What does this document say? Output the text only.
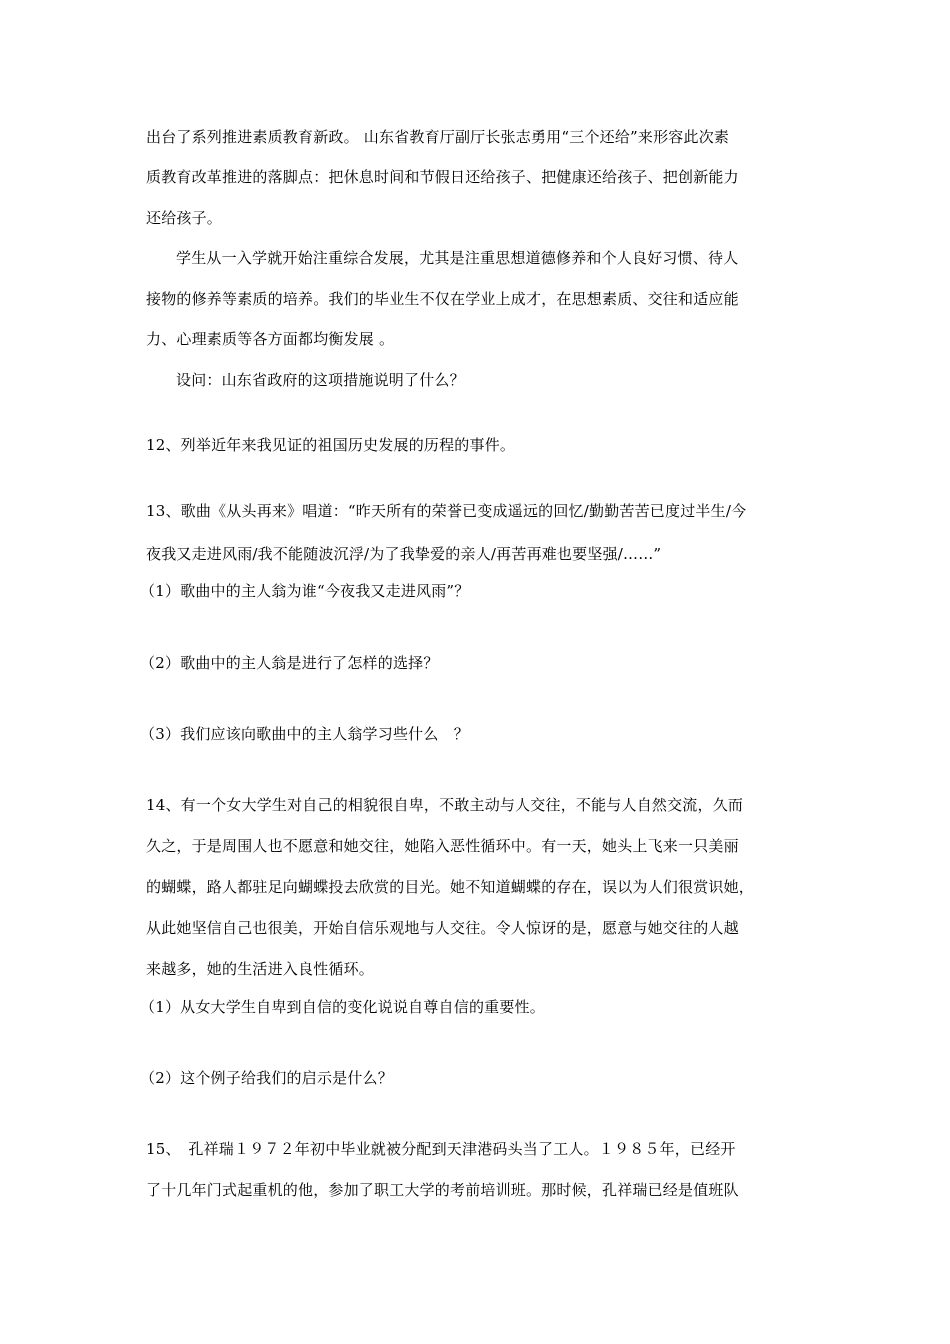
出台了系列推进素质教育新政。 山东省教育厅副厅长张志勇用“三个还给”来形容此次素
质教育改革推进的落脚点：把休息时间和节假日还给孩子、把健康还给孩子、把创新能力
还给孩子。
学生从一入学就开始注重综合发展，尤其是注重思想道德修养和个人良好习惯、待人
接物的修养等素质的培养。我们的毕业生不仅在学业上成才，在思想素质、交往和适应能
力、心理素质等各方面都均衡发展 。
设问：山东省政府的这项措施说明了什么？
12、列举近年来我见证的祖国历史发展的历程的事件。
13、歌曲《从头再来》唱道：“昨天所有的荣誉已变成遥远的回忆/勤勤苦苦已度过半生/今
夜我又走进风雨/我不能随波沉浮/为了我挚爱的亲人/再苦再难也要坚强/……”
（1）歌曲中的主人翁为谁“今夜我又走进风雨”？
（2）歌曲中的主人翁是进行了怎样的选择？
（3）我们应该向歌曲中的主人翁学习些什么　？
14、有一个女大学生对自己的相貌很自卑，不敢主动与人交往，不能与人自然交流，久而
久之，于是周围人也不愿意和她交往，她陷入恶性循环中。有一天，她头上飞来一只美丽
的蝴蝶，路人都驻足向蝴蝶投去欣赏的目光。她不知道蝴蝶的存在，误以为人们很赏识她，
从此她坚信自己也很美，开始自信乐观地与人交往。令人惊讶的是，愿意与她交往的人越
来越多，她的生活进入良性循环。
（1）从女大学生自卑到自信的变化说说自尊自信的重要性。
（2）这个例子给我们的启示是什么？
15、　孔祥瑞１９７２年初中毕业就被分配到天津港码头当了工人。１９８５年，已经开
了十几年门式起重机的他，参加了职工大学的考前培训班。那时候，孔祥瑞已经是值班队
